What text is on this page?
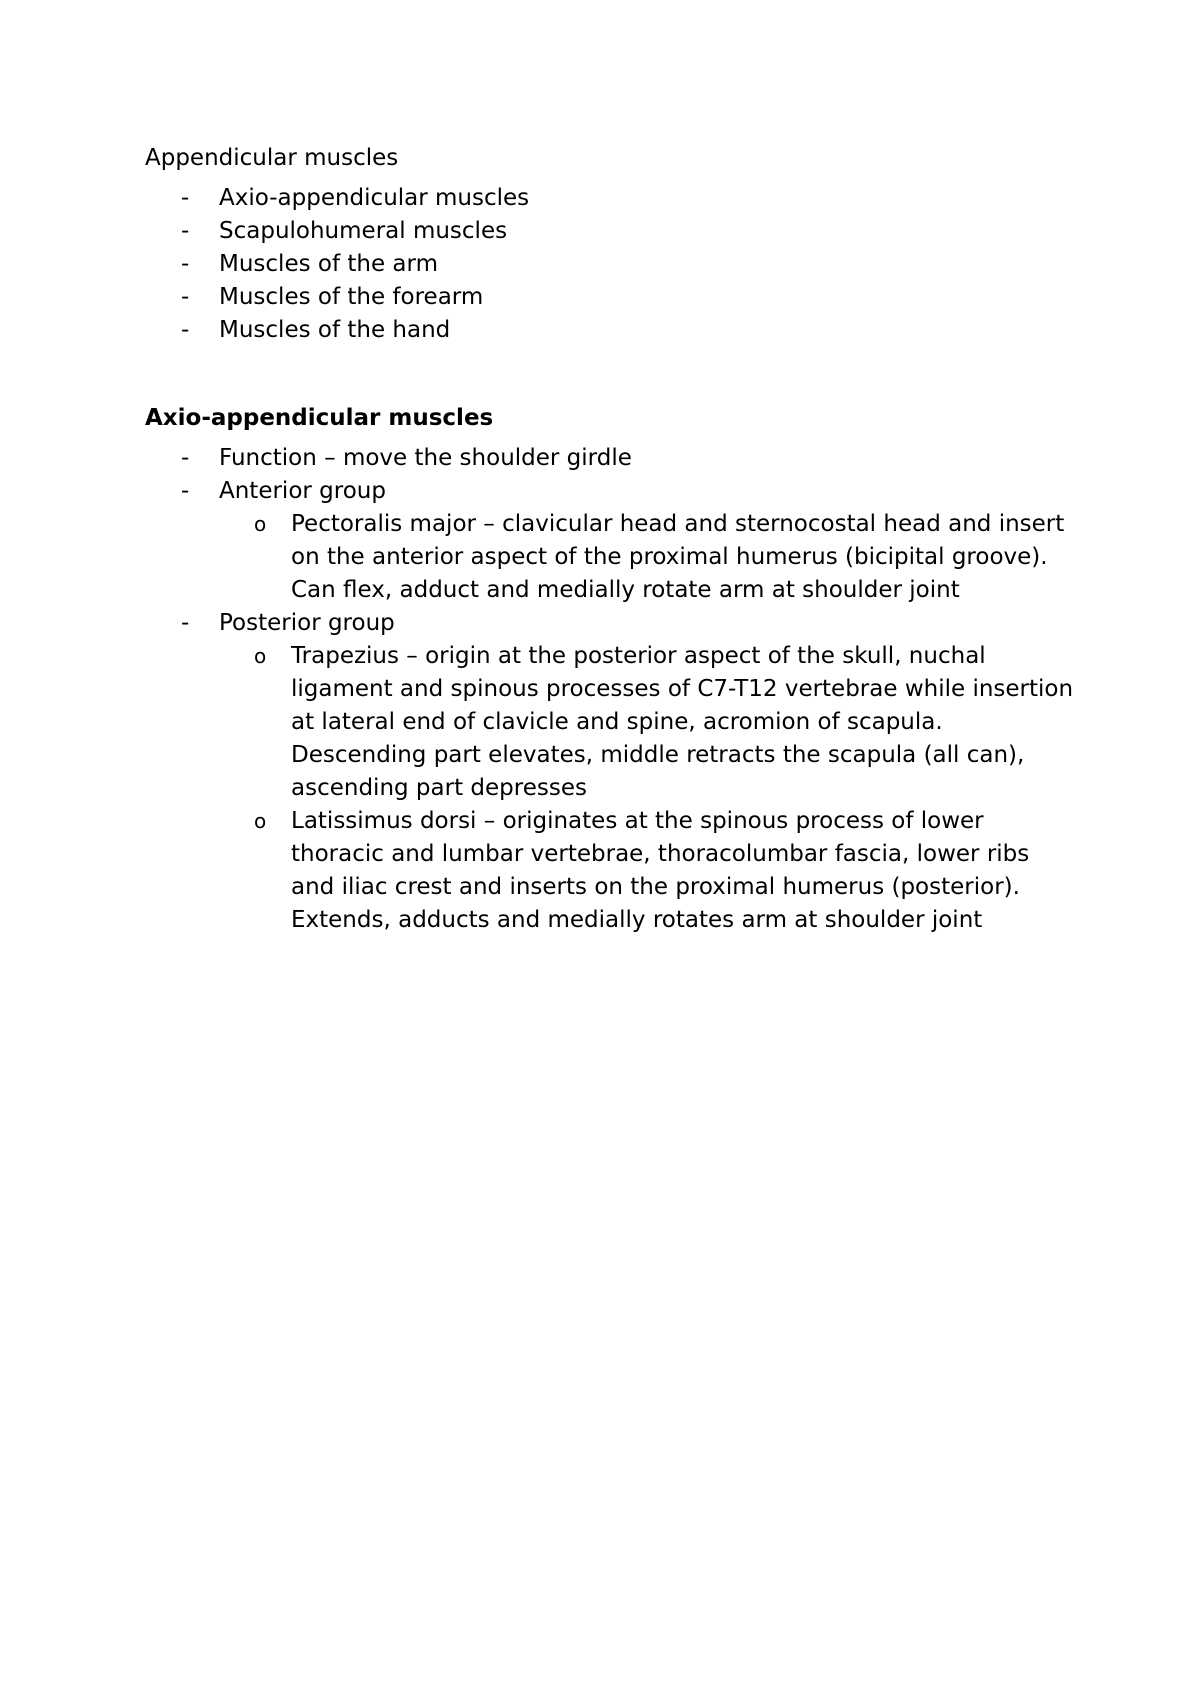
Appendicular muscles

-	Axio-appendicular muscles
-	Scapulohumeral muscles
-	Muscles of the arm
-	Muscles of the forearm
-	Muscles of the hand

Axio-appendicular muscles

-	Function – move the shoulder girdle
-	Anterior group
o Pectoralis major – clavicular head and sternocostal head and insert on the anterior aspect of the proximal humerus (bicipital groove). Can flex, adduct and medially rotate arm at shoulder joint
-	Posterior group
o Trapezius – origin at the posterior aspect of the skull, nuchal ligament and spinous processes of C7-T12 vertebrae while insertion at lateral end of clavicle and spine, acromion of scapula. Descending part elevates, middle retracts the scapula (all can), ascending part depresses
o Latissimus dorsi – originates at the spinous process of lower thoracic and lumbar vertebrae, thoracolumbar fascia, lower ribs and iliac crest and inserts on the proximal humerus (posterior). Extends, adducts and medially rotates arm at shoulder joint
